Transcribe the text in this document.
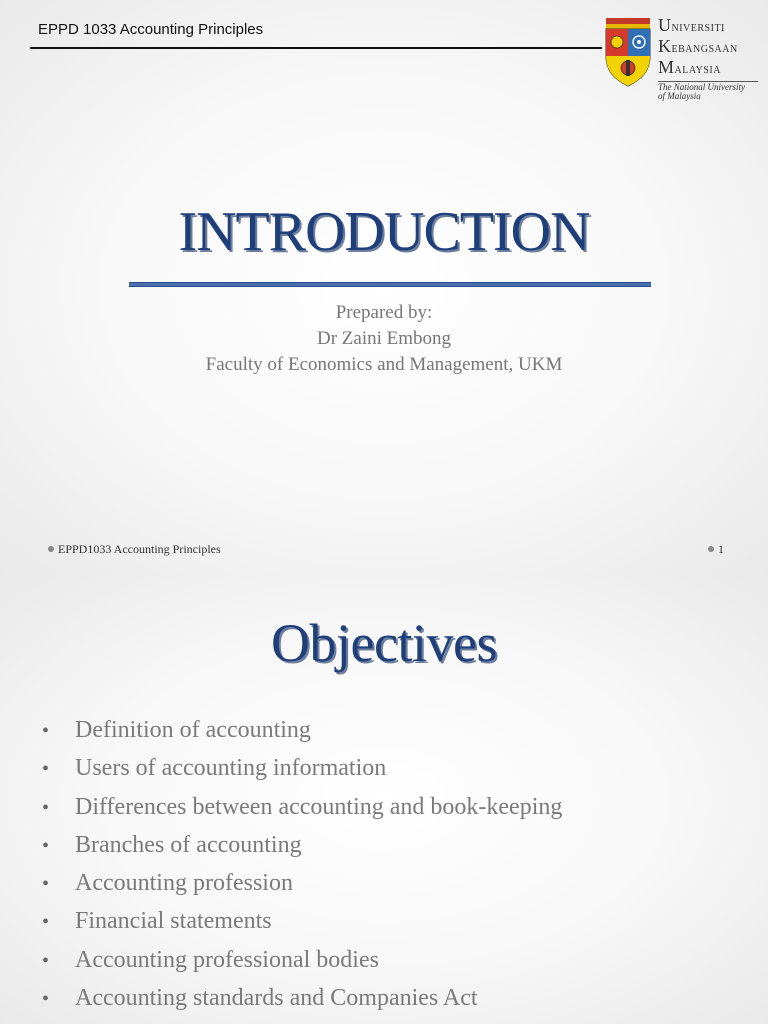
EPPD 1033 Accounting Principles	Universiti
Kebangsaan
Malaysia
The National University
of Malaysia
INTRODUCTION
Prepared by:
Dr Zaini Embong
Faculty of Economics and Management, UKM
EPPD1033 Accounting Principles	1
Objectives
• Definition of accounting
• Users of accounting information
• Differences between accounting and book-keeping
• Branches of accounting
• Accounting profession
• Financial statements
• Accounting professional bodies
• Accounting standards and Companies Act
